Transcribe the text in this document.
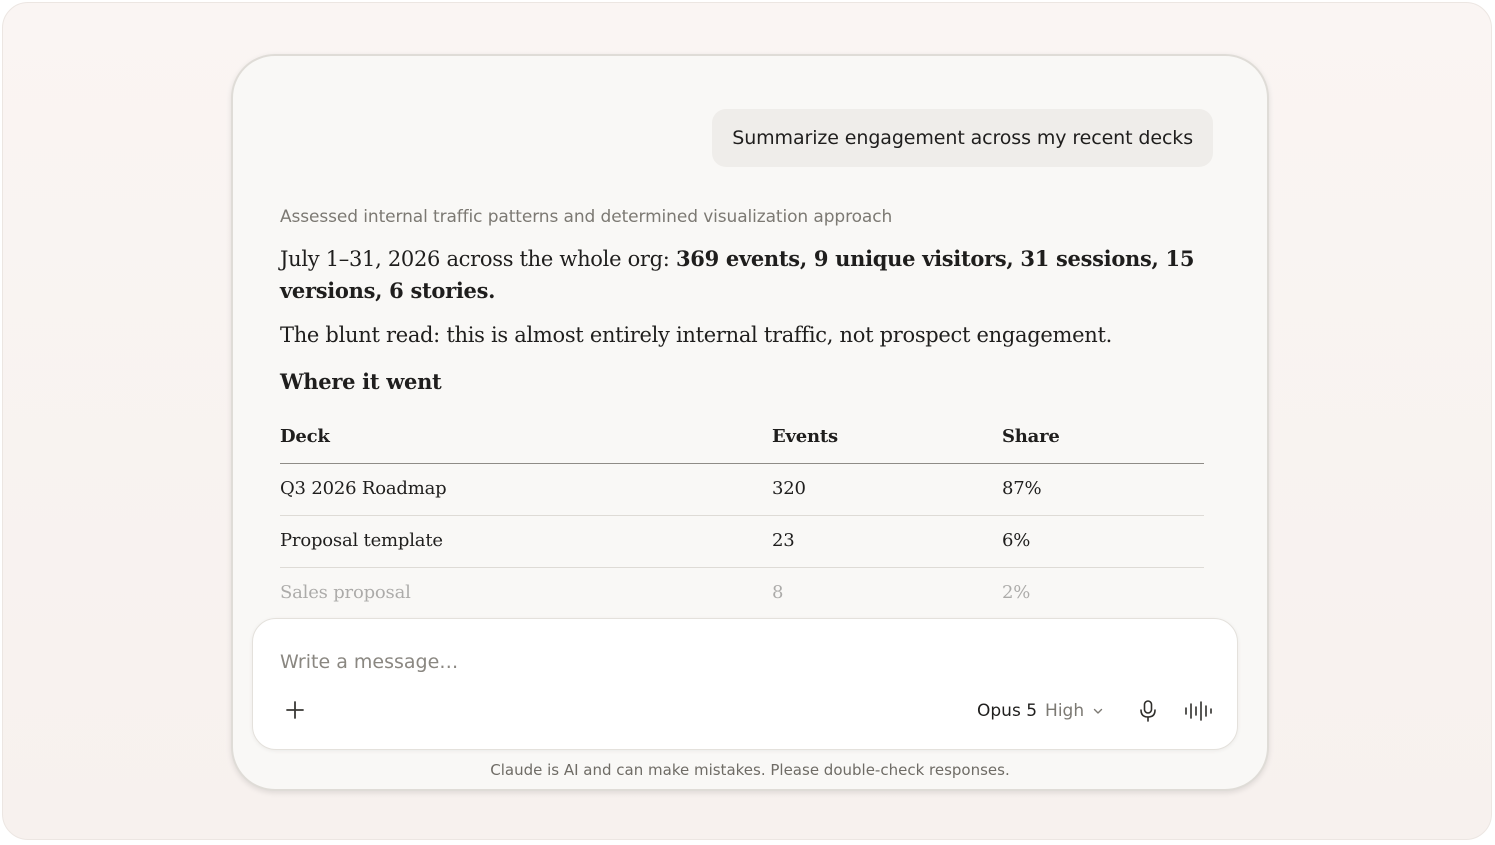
Summarize engagement across my recent decks
Assessed internal traffic patterns and determined visualization approach

July 1–31, 2026 across the whole org: 369 events, 9 unique visitors, 31 sessions, 15 versions, 6 stories.

The blunt read: this is almost entirely internal traffic, not prospect engagement.

Where it went
Deck	Events	Share
Q3 2026 Roadmap	320	87%
Proposal template	23	6%
Sales proposal	8	2%
Write a message…
Opus 5 High
Claude is AI and can make mistakes. Please double-check responses.
